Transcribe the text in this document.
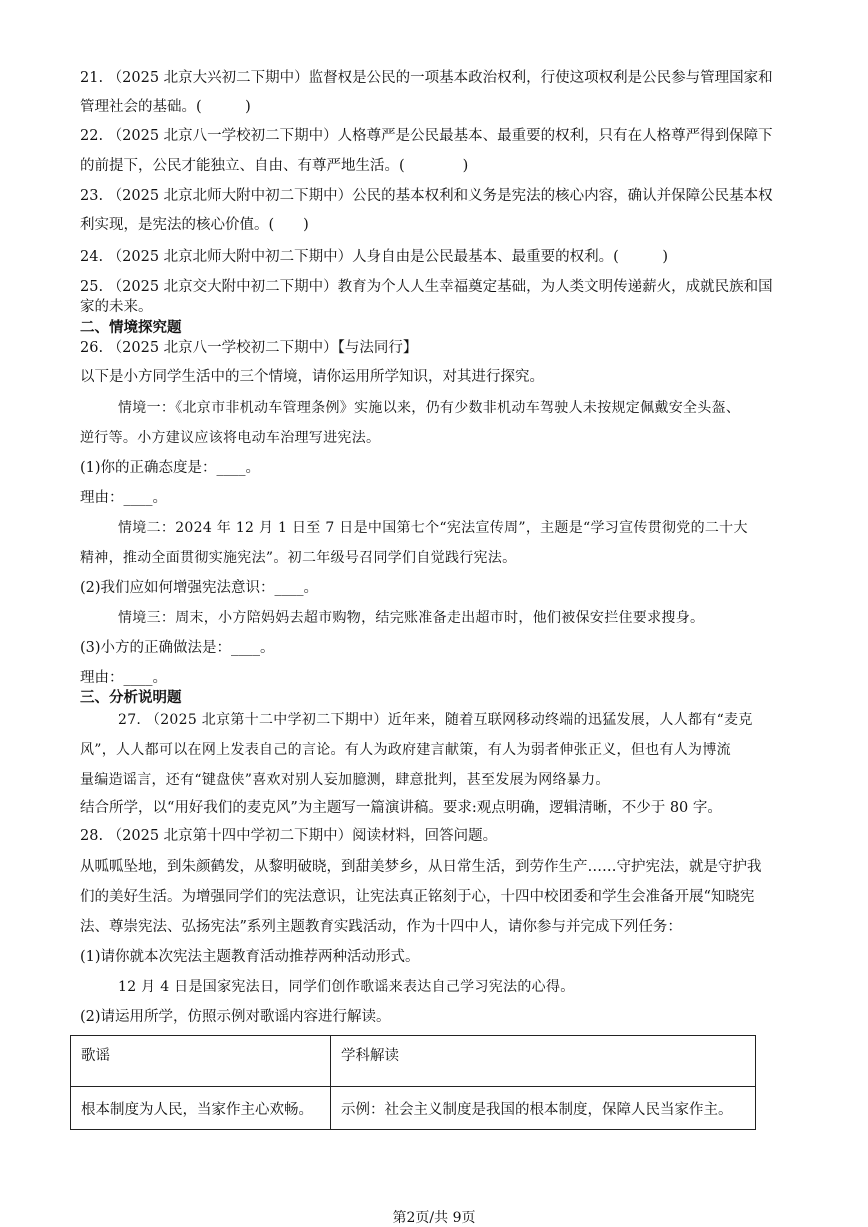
21. （2025 北京大兴初二下期中）监督权是公民的一项基本政治权利，行使这项权利是公民参与管理国家和
管理社会的基础。(　　　)
22. （2025 北京八一学校初二下期中）人格尊严是公民最基本、最重要的权利，只有在人格尊严得到保障下
的前提下，公民才能独立、自由、有尊严地生活。(　　　　)
23. （2025 北京北师大附中初二下期中）公民的基本权利和义务是宪法的核心内容，确认并保障公民基本权
利实现，是宪法的核心价值。(　　)
24. （2025 北京北师大附中初二下期中）人身自由是公民最基本、最重要的权利。(　　　)
25. （2025 北京交大附中初二下期中）教育为个人人生幸福奠定基础，为人类文明传递薪火，成就民族和国
家的未来。
二、情境探究题
26. （2025 北京八一学校初二下期中）【与法同行】
以下是小方同学生活中的三个情境，请你运用所学知识，对其进行探究。
情境一：《北京市非机动车管理条例》实施以来，仍有少数非机动车驾驶人未按规定佩戴安全头盔、
逆行等。小方建议应该将电动车治理写进宪法。
(1)你的正确态度是：____。
理由：____。
情境二：2024 年 12 月 1 日至 7 日是中国第七个“宪法宣传周”，主题是“学习宣传贯彻党的二十大
精神，推动全面贯彻实施宪法”。初二年级号召同学们自觉践行宪法。
(2)我们应如何增强宪法意识：____。
情境三：周末，小方陪妈妈去超市购物，结完账准备走出超市时，他们被保安拦住要求搜身。
(3)小方的正确做法是：____。
理由：____。
三、分析说明题
27. （2025 北京第十二中学初二下期中）近年来，随着互联网移动终端的迅猛发展，人人都有“麦克
风”，人人都可以在网上发表自己的言论。有人为政府建言献策，有人为弱者伸张正义，但也有人为博流
量编造谣言，还有“键盘侠”喜欢对别人妄加臆测，肆意批判，甚至发展为网络暴力。
结合所学，以“用好我们的麦克风”为主题写一篇演讲稿。要求:观点明确，逻辑清晰，不少于 80 字。
28. （2025 北京第十四中学初二下期中）阅读材料，回答问题。
从呱呱坠地，到朱颜鹤发，从黎明破晓，到甜美梦乡，从日常生活，到劳作生产……守护宪法，就是守护我
们的美好生活。为增强同学们的宪法意识，让宪法真正铭刻于心，十四中校团委和学生会准备开展“知晓宪
法、尊崇宪法、弘扬宪法”系列主题教育实践活动，作为十四中人，请你参与并完成下列任务：
(1)请你就本次宪法主题教育活动推荐两种活动形式。
12 月 4 日是国家宪法日，同学们创作歌谣来表达自己学习宪法的心得。
(2)请运用所学，仿照示例对歌谣内容进行解读。
歌谣	学科解读
根本制度为人民，当家作主心欢畅。	示例：社会主义制度是我国的根本制度，保障人民当家作主。
第2页/共 9页
